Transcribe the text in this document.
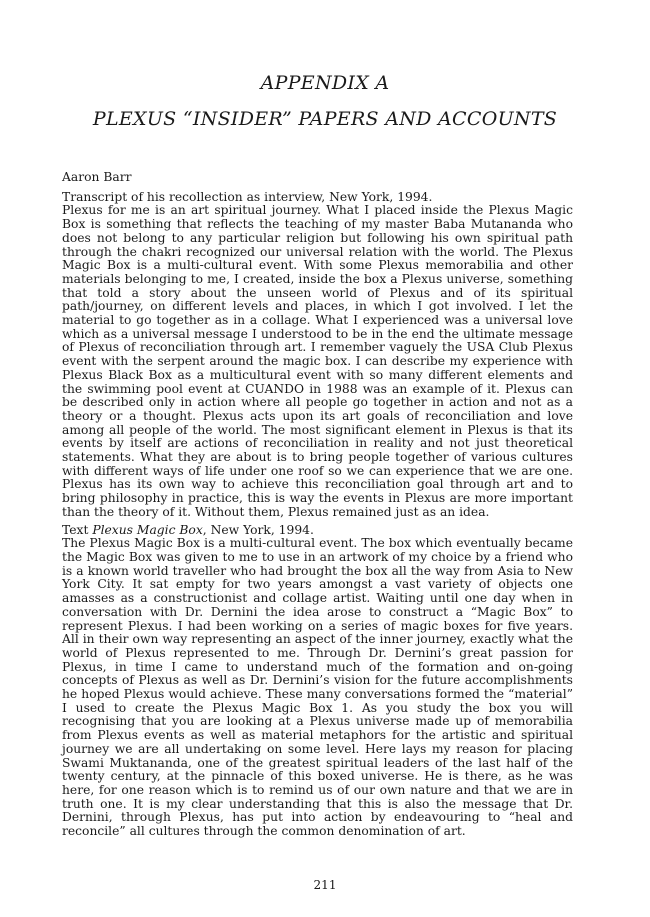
APPENDIX A
PLEXUS “INSIDER” PAPERS AND ACCOUNTS

Aaron Barr

Transcript of his recollection as interview, New York, 1994.

Plexus for me is an art spiritual journey. What I placed inside the Plexus Magic Box is something that reflects the teaching of my master Baba Mutananda who does not belong to any particular religion but following his own spiritual path through the chakri recognized our universal relation with the world. The Plexus Magic Box is a multi-cultural event. With some Plexus memorabilia and other materials belonging to me, I created, inside the box a Plexus universe, something that told a story about the unseen world of Plexus and of its spiritual path/journey, on different levels and places, in which I got involved. I let the material to go together as in a collage. What I experienced was a universal love which as a universal message I understood to be in the end the ultimate message of Plexus of reconciliation through art. I remember vaguely the USA Club Plexus event with the serpent around the magic box. I can describe my experience with Plexus Black Box as a multicultural event with so many different elements and the swimming pool event at CUANDO in 1988 was an example of it. Plexus can be described only in action where all people go together in action and not as a theory or a thought. Plexus acts upon its art goals of reconciliation and love among all people of the world. The most significant element in Plexus is that its events by itself are actions of reconciliation in reality and not just theoretical statements. What they are about is to bring people together of various cultures with different ways of life under one roof so we can experience that we are one. Plexus has its own way to achieve this reconciliation goal through art and to bring philosophy in practice, this is way the events in Plexus are more important than the theory of it. Without them, Plexus remained just as an idea.

Text Plexus Magic Box, New York, 1994.

The Plexus Magic Box is a multi-cultural event. The box which eventually became the Magic Box was given to me to use in an artwork of my choice by a friend who is a known world traveller who had brought the box all the way from Asia to New York City. It sat empty for two years amongst a vast variety of objects one amasses as a constructionist and collage artist. Waiting until one day when in conversation with Dr. Dernini the idea arose to construct a “Magic Box” to represent Plexus. I had been working on a series of magic boxes for five years. All in their own way representing an aspect of the inner journey, exactly what the world of Plexus represented to me. Through Dr. Dernini’s great passion for Plexus, in time I came to understand much of the formation and on-going concepts of Plexus as well as Dr. Dernini’s vision for the future accomplishments he hoped Plexus would achieve. These many conversations formed the “material” I used to create the Plexus Magic Box 1. As you study the box you will recognising that you are looking at a Plexus universe made up of memorabilia from Plexus events as well as material metaphors for the artistic and spiritual journey we are all undertaking on some level. Here lays my reason for placing Swami Muktananda, one of the greatest spiritual leaders of the last half of the twenty century, at the pinnacle of this boxed universe. He is there, as he was here, for one reason which is to remind us of our own nature and that we are in truth one. It is my clear understanding that this is also the message that Dr. Dernini, through Plexus, has put into action by endeavouring to “heal and reconcile” all cultures through the common denomination of art.

211
